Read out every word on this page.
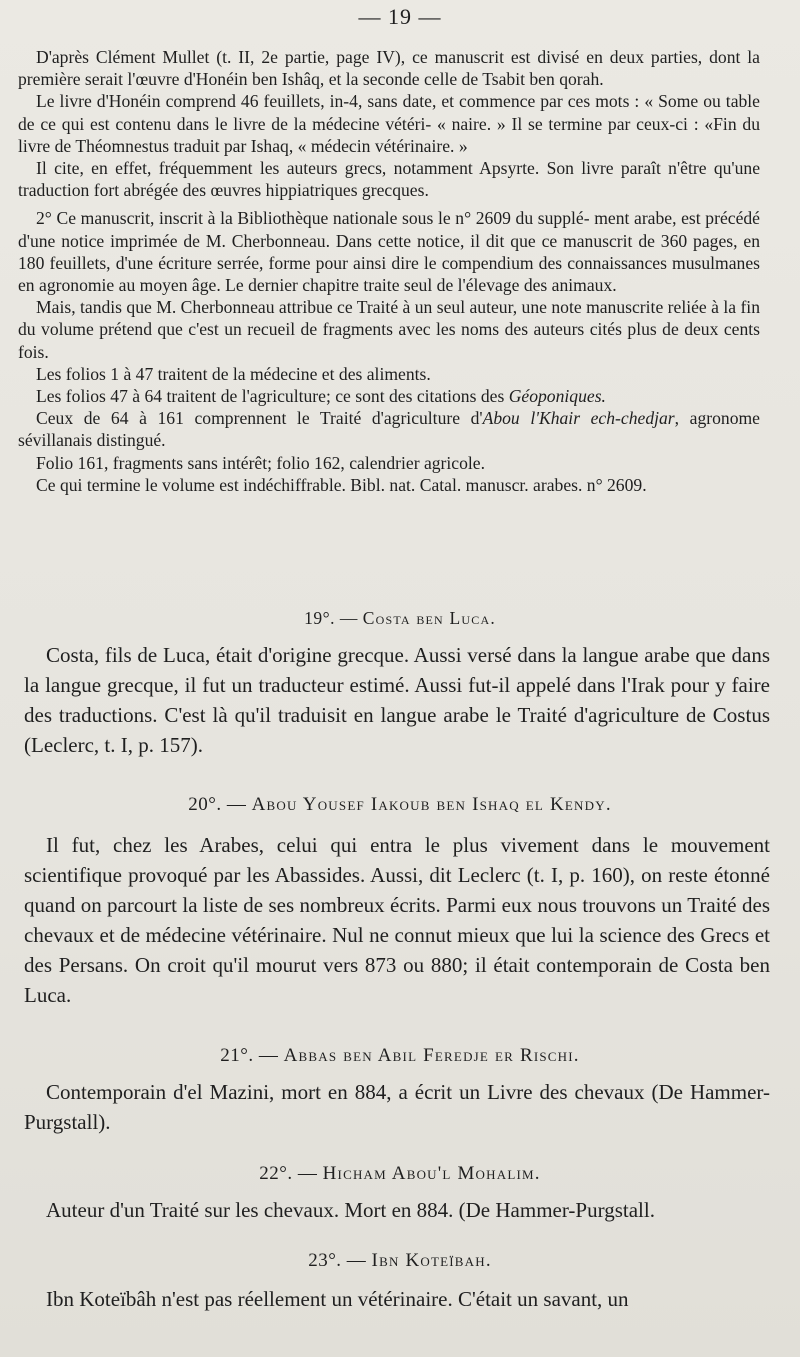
— 19 —

D'après Clément Mullet (t. II, 2e partie, page IV), ce manuscrit est divisé en deux parties, dont la première serait l'œuvre d'Honéin ben Ishâq, et la seconde celle de Tsabit ben qorah.

Le livre d'Honéin comprend 46 feuillets, in-4, sans date, et commence par ces mots : « Some ou table de ce qui est contenu dans le livre de la médecine vétéri- « naire. » Il se termine par ceux-ci : «Fin du livre de Théomnestus traduit par Ishaq, « médecin vétérinaire. »

Il cite, en effet, fréquemment les auteurs grecs, notamment Apsyrte. Son livre paraît n'être qu'une traduction fort abrégée des œuvres hippiatriques grecques.

2° Ce manuscrit, inscrit à la Bibliothèque nationale sous le n° 2609 du supplé- ment arabe, est précédé d'une notice imprimée de M. Cherbonneau. Dans cette notice, il dit que ce manuscrit de 360 pages, en 180 feuillets, d'une écriture serrée, forme pour ainsi dire le compendium des connaissances musulmanes en agronomie au moyen âge. Le dernier chapitre traite seul de l'élevage des animaux.

Mais, tandis que M. Cherbonneau attribue ce Traité à un seul auteur, une note manuscrite reliée à la fin du volume prétend que c'est un recueil de fragments avec les noms des auteurs cités plus de deux cents fois.

Les folios 1 à 47 traitent de la médecine et des aliments.

Les folios 47 à 64 traitent de l'agriculture; ce sont des citations des Géoponiques.

Ceux de 64 à 161 comprennent le Traité d'agriculture d'Abou l'Khair ech-chedjar, agronome sévillanais distingué.

Folio 161, fragments sans intérêt; folio 162, calendrier agricole.

Ce qui termine le volume est indéchiffrable. Bibl. nat. Catal. manuscr. arabes. n° 2609.

19°. — Costa ben Luca.

Costa, fils de Luca, était d'origine grecque. Aussi versé dans la langue arabe que dans la langue grecque, il fut un traducteur estimé. Aussi fut-il appelé dans l'Irak pour y faire des traductions. C'est là qu'il traduisit en langue arabe le Traité d'agriculture de Costus (Leclerc, t. I, p. 157).

20°. — Abou Yousef Iakoub ben Ishaq el Kendy.

Il fut, chez les Arabes, celui qui entra le plus vivement dans le mouvement scientifique provoqué par les Abassides. Aussi, dit Leclerc (t. I, p. 160), on reste étonné quand on parcourt la liste de ses nombreux écrits. Parmi eux nous trouvons un Traité des chevaux et de médecine vétérinaire. Nul ne connut mieux que lui la science des Grecs et des Persans. On croit qu'il mourut vers 873 ou 880; il était contemporain de Costa ben Luca.

21°. — Abbas ben Abil Feredje er Rischi.

Contemporain d'el Mazini, mort en 884, a écrit un Livre des chevaux (De Hammer-Purgstall).

22°. — Hicham Abou'l Mohalim.

Auteur d'un Traité sur les chevaux. Mort en 884. (De Hammer-Purgstall.

23°. — Ibn Koteïbah.

Ibn Koteïbâh n'est pas réellement un vétérinaire. C'était un savant, un
